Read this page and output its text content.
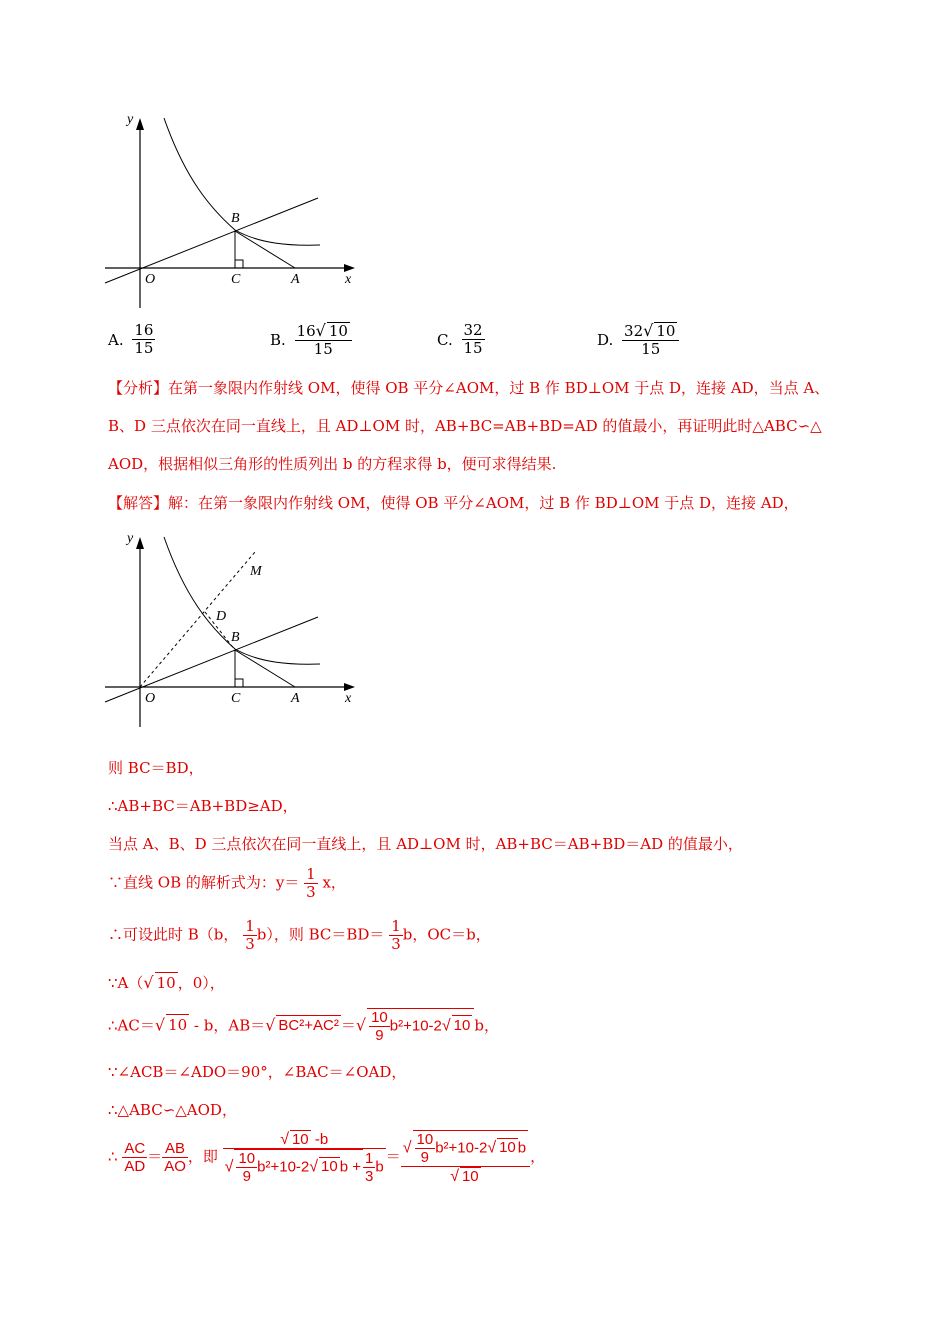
y
x
O
B
C	A
A. $\frac{16}{15}$	B. $\frac{16√ 10}{15}$	C. $\frac{32}{15}$	D. $\frac{32√ 10}{15}$
【分析】在第一象限内作射线 OM，使得 OB 平分∠AOM，过 B 作 BD⊥OM 于点 D，连接 AD，当点 A、
B、D 三点依次在同一直线上，且 AD⊥OM 时，AB+BC=AB+BD=AD 的值最小，再证明此时△ABC∽△
AOD，根据相似三角形的性质列出 b 的方程求得 b，便可求得结果.
【解答】解：在第一象限内作射线 OM，使得 OB 平分∠AOM，过 B 作 BD⊥OM 于点 D，连接 AD，
y
x
O
B
C	A
D
M
则 BC＝BD，
∴AB+BC＝AB+BD≥AD，
当点 A、B、D 三点依次在同一直线上，且 AD⊥OM 时，AB+BC＝AB+BD＝AD 的值最小，
∵直线 OB 的解析式为：$y= \frac{1}{3}$ x，
∴可设此时 B（b， $\frac{1}{3} b$），则 $BC=BD= \frac{1}{3}$ b，OC＝b，
∵A（√ 10 ，0），
∴AC＝√ 10 - b，AB＝√ BC²+AC² ＝√ $\frac{10}{9} b^2+10-2√$ 10 b，
∵∠ACB＝∠ADO＝90°，∠BAC＝∠OAD，
∴△ABC∽△AOD，
∴ $\frac{AC}{AD} = \frac{AB}{AO}$ ，即 $\frac{√ 10 -b}{√ \frac{10}{9} b^2+10-2√ 10 b + \frac{1}{3} b} = \frac{√ \frac{10}{9} b^2+10-2√ 10 b}{√ 10}$ ，
